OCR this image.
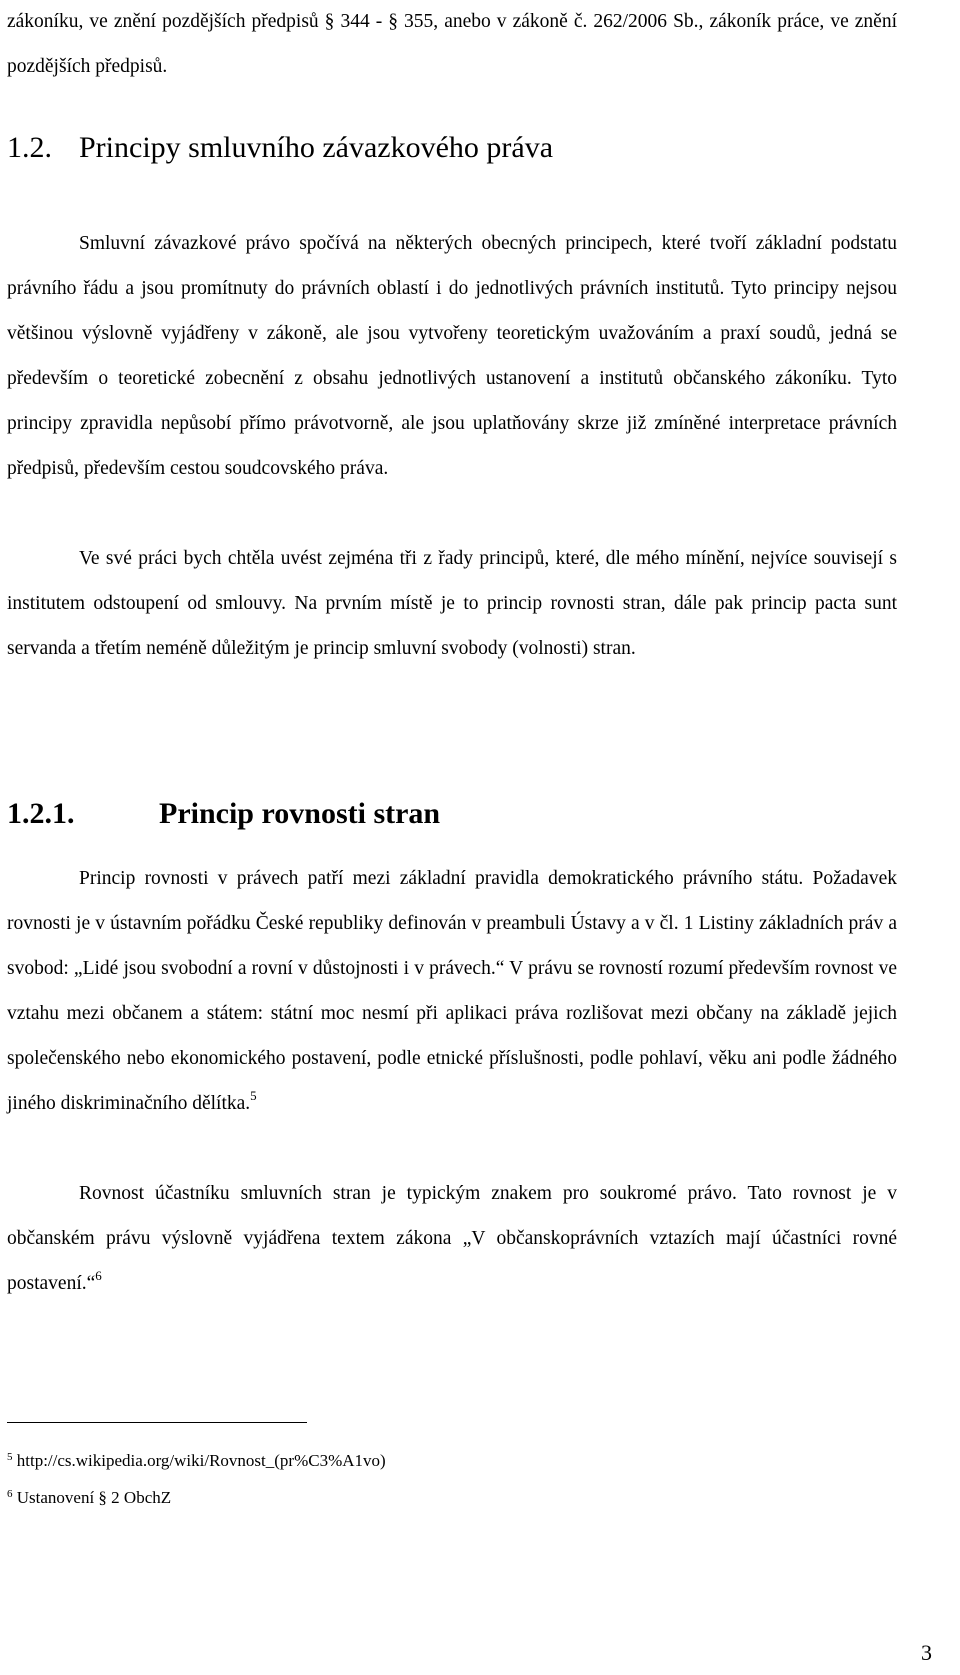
zákoníku, ve znění pozdějších předpisů § 344 - § 355, anebo v zákoně č. 262/2006 Sb., zákoník práce, ve znění pozdějších předpisů.

1.2. Principy smluvního závazkového práva

Smluvní závazkové právo spočívá na některých obecných principech, které tvoří základní podstatu právního řádu a jsou promítnuty do právních oblastí i do jednotlivých právních institutů. Tyto principy nejsou většinou výslovně vyjádřeny v zákoně, ale jsou vytvořeny teoretickým uvažováním a praxí soudů, jedná se především o teoretické zobecnění z obsahu jednotlivých ustanovení a institutů občanského zákoníku. Tyto principy zpravidla nepůsobí přímo právotvorně, ale jsou uplatňovány skrze již zmíněné interpretace právních předpisů, především cestou soudcovského práva.

Ve své práci bych chtěla uvést zejména tři z řady principů, které, dle mého mínění, nejvíce souvisejí s institutem odstoupení od smlouvy. Na prvním místě je to princip rovnosti stran, dále pak princip pacta sunt servanda a třetím neméně důležitým je princip smluvní svobody (volnosti) stran.

1.2.1.	Princip rovnosti stran

Princip rovnosti v právech patří mezi základní pravidla demokratického právního státu. Požadavek rovnosti je v ústavním pořádku České republiky definován v preambuli Ústavy a v čl. 1 Listiny základních práv a svobod: „Lidé jsou svobodní a rovní v důstojnosti i v právech.“ V právu se rovností rozumí především rovnost ve vztahu mezi občanem a státem: státní moc nesmí při aplikaci práva rozlišovat mezi občany na základě jejich společenského nebo ekonomického postavení, podle etnické příslušnosti, podle pohlaví, věku ani podle žádného jiného diskriminačního dělítka.$^5$

Rovnost účastníku smluvních stran je typickým znakem pro soukromé právo. Tato rovnost je v občanském právu výslovně vyjádřena textem zákona „V občanskoprávních vztazích mají účastníci rovné postavení.“$^6$

$^5$ http://cs.wikipedia.org/wiki/Rovnost_(pr%C3%A1vo)

$^6$ Ustanovení § 2 ObchZ

3
